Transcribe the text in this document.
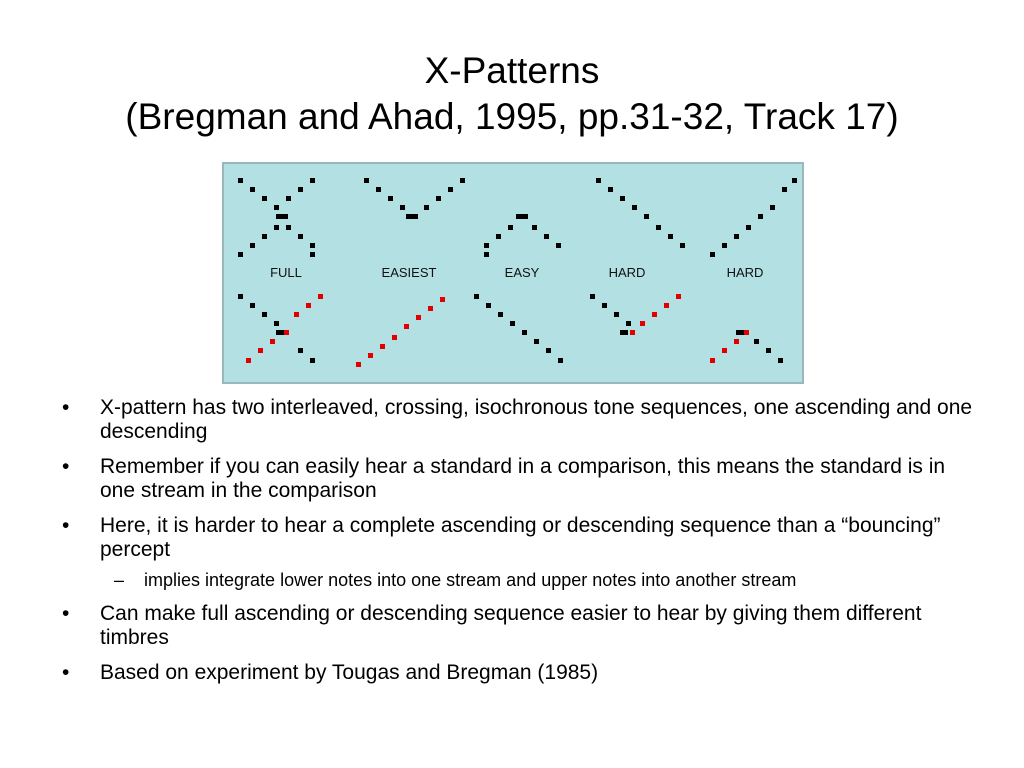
X-Patterns
(Bregman and Ahad, 1995, pp.31-32, Track 17)
FULL	EASIEST	EASY	HARD	HARD
• X-pattern has two interleaved, crossing, isochronous tone sequences, one ascending and one descending
• Remember if you can easily hear a standard in a comparison, this means the standard is in one stream in the comparison
• Here, it is harder to hear a complete ascending or descending sequence than a “bouncing” percept
– implies integrate lower notes into one stream and upper notes into another stream
• Can make full ascending or descending sequence easier to hear by giving them different timbres
• Based on experiment by Tougas and Bregman (1985)
